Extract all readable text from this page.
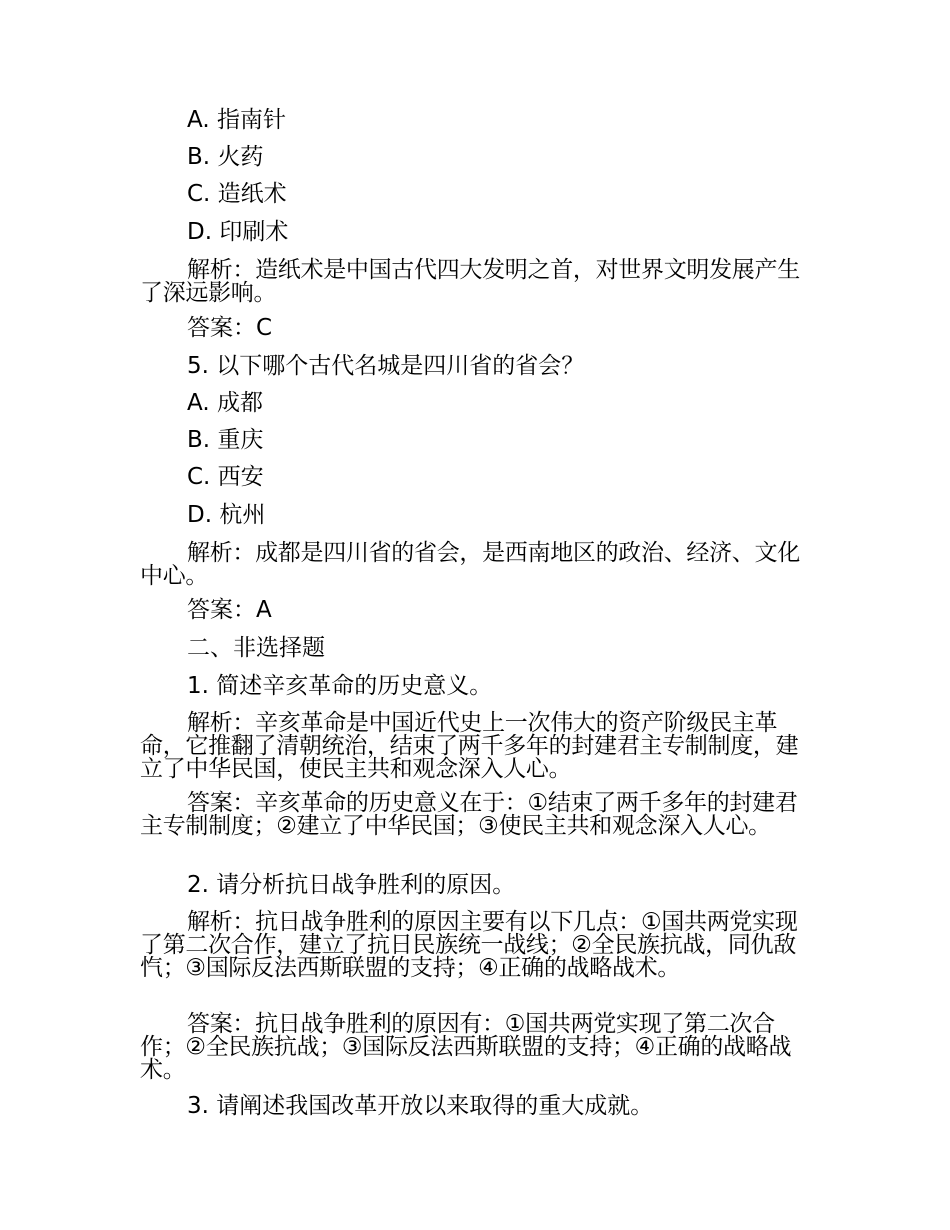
A. 指南针
B. 火药
C. 造纸术
D. 印刷术
解析：造纸术是中国古代四大发明之首，对世界文明发展产生了深远影响。
答案：C
5. 以下哪个古代名城是四川省的省会？
A. 成都
B. 重庆
C. 西安
D. 杭州
解析：成都是四川省的省会，是西南地区的政治、经济、文化中心。
答案：A
二、非选择题
1. 简述辛亥革命的历史意义。
解析：辛亥革命是中国近代史上一次伟大的资产阶级民主革命，它推翻了清朝统治，结束了两千多年的封建君主专制制度，建立了中华民国，使民主共和观念深入人心。
答案：辛亥革命的历史意义在于：①结束了两千多年的封建君主专制制度；②建立了中华民国；③使民主共和观念深入人心。
2. 请分析抗日战争胜利的原因。
解析：抗日战争胜利的原因主要有以下几点：①国共两党实现了第二次合作，建立了抗日民族统一战线；②全民族抗战，同仇敌忾；③国际反法西斯联盟的支持；④正确的战略战术。
答案：抗日战争胜利的原因有：①国共两党实现了第二次合作；②全民族抗战；③国际反法西斯联盟的支持；④正确的战略战术。
3. 请阐述我国改革开放以来取得的重大成就。
